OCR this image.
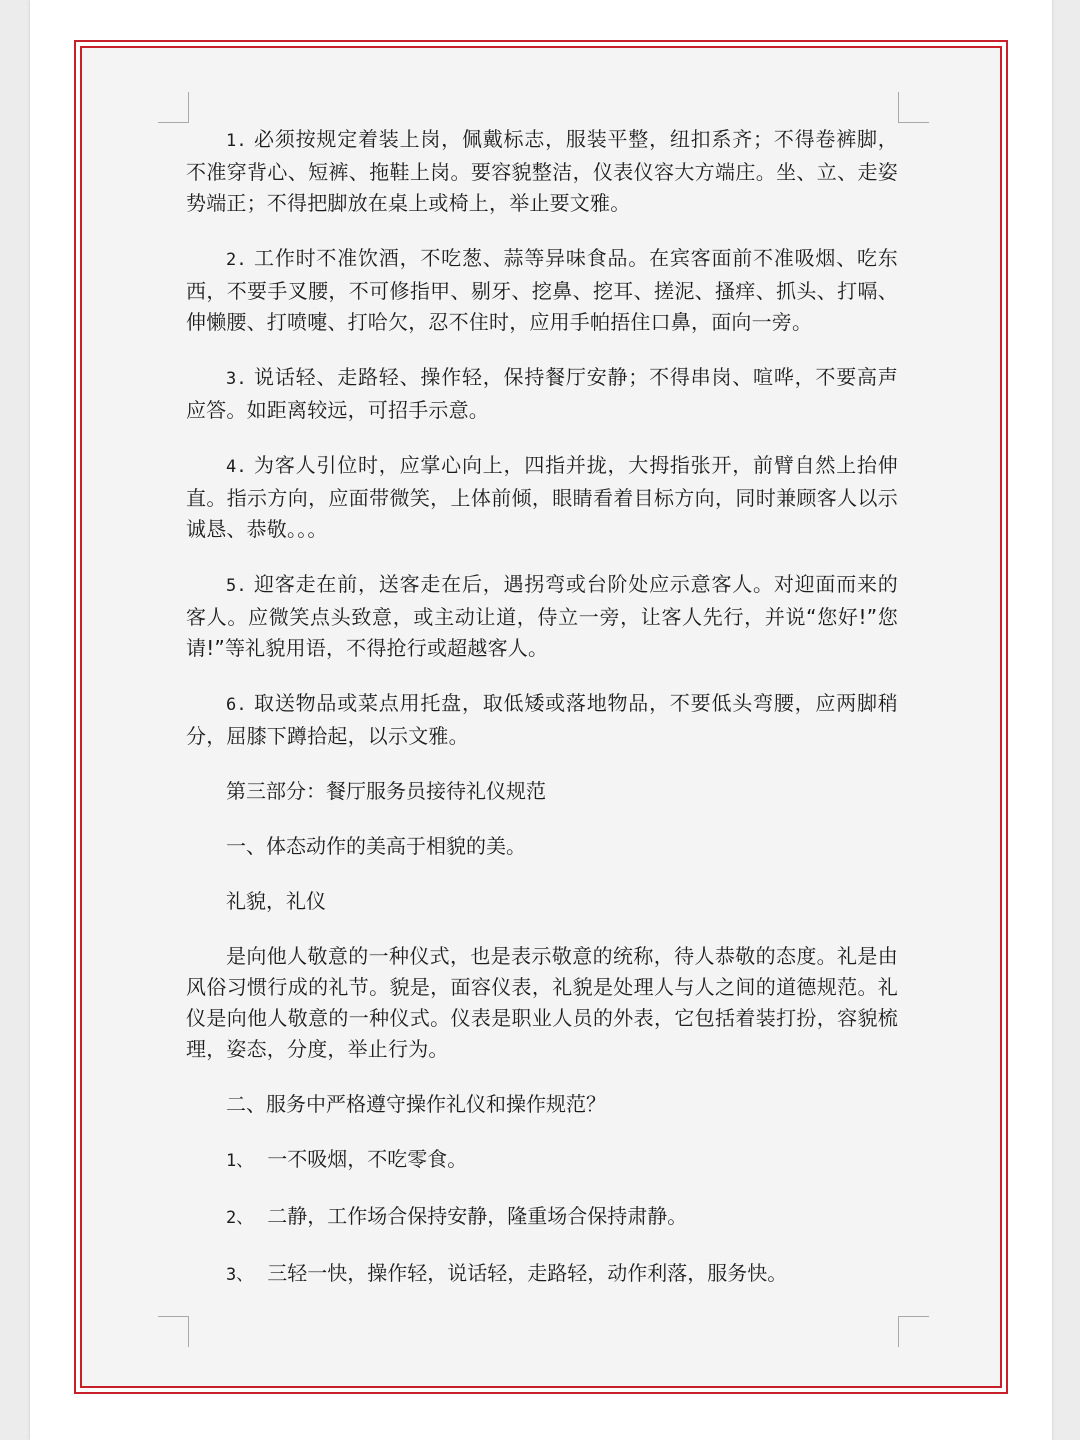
1. 必须按规定着装上岗，佩戴标志，服装平整，纽扣系齐；不得卷裤脚，不准穿背心、短裤、拖鞋上岗。要容貌整洁，仪表仪容大方端庄。坐、立、走姿势端正；不得把脚放在桌上或椅上，举止要文雅。

2. 工作时不准饮酒，不吃葱、蒜等异味食品。在宾客面前不准吸烟、吃东西，不要手叉腰，不可修指甲、剔牙、挖鼻、挖耳、搓泥、搔痒、抓头、打嗝、伸懒腰、打喷嚏、打哈欠，忍不住时，应用手帕捂住口鼻，面向一旁。

3. 说话轻、走路轻、操作轻，保持餐厅安静；不得串岗、喧哗，不要高声应答。如距离较远，可招手示意。

4. 为客人引位时，应掌心向上，四指并拢，大拇指张开，前臂自然上抬伸直。指示方向，应面带微笑，上体前倾，眼睛看着目标方向，同时兼顾客人以示诚恳、恭敬。。。

5. 迎客走在前，送客走在后，遇拐弯或台阶处应示意客人。对迎面而来的客人。应微笑点头致意，或主动让道，侍立一旁，让客人先行，并说“您好!”您请!”等礼貌用语，不得抢行或超越客人。

6. 取送物品或菜点用托盘，取低矮或落地物品，不要低头弯腰，应两脚稍分，屈膝下蹲拾起，以示文雅。

第三部分：餐厅服务员接待礼仪规范

一、体态动作的美高于相貌的美。

礼貌，礼仪

是向他人敬意的一种仪式，也是表示敬意的统称，待人恭敬的态度。礼是由风俗习惯行成的礼节。貌是，面容仪表，礼貌是处理人与人之间的道德规范。礼仪是向他人敬意的一种仪式。仪表是职业人员的外表，它包括着装打扮，容貌梳理，姿态，分度，举止行为。

二、服务中严格遵守操作礼仪和操作规范？

1、 一不吸烟，不吃零食。

2、 二静，工作场合保持安静，隆重场合保持肃静。

3、 三轻一快，操作轻，说话轻，走路轻，动作利落，服务快。
